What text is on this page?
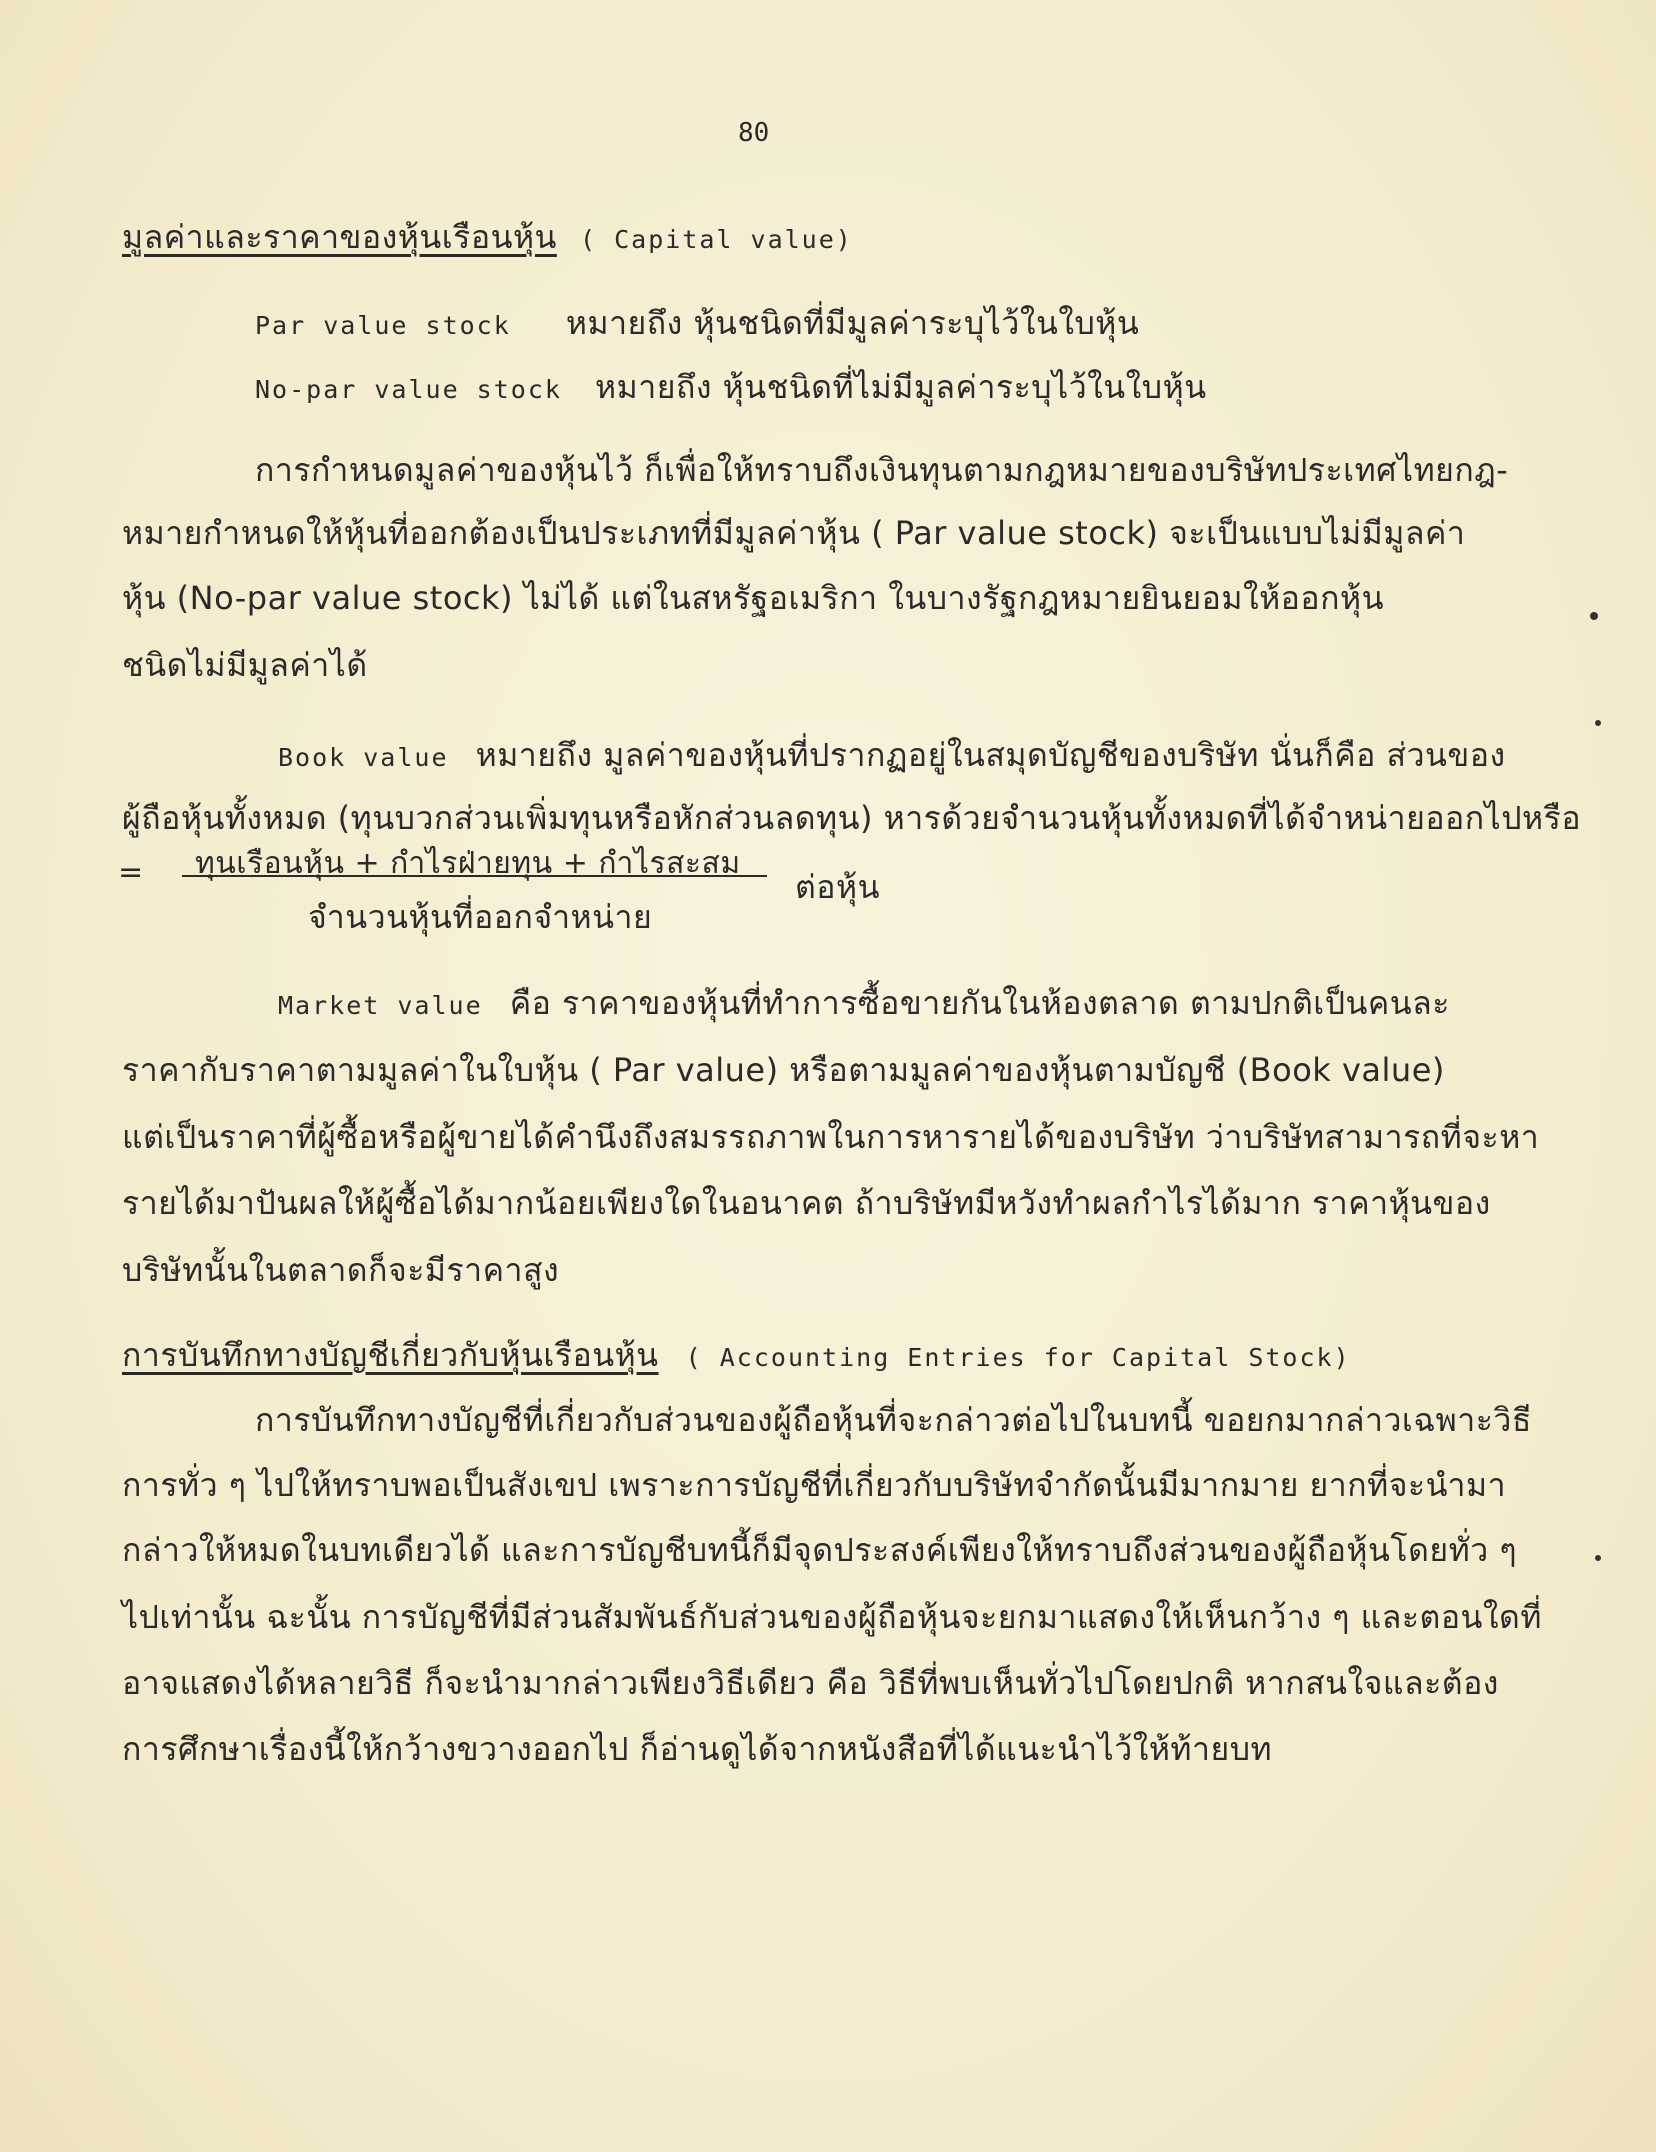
80
มูลค่าและราคาของหุ้นเรือนหุ้น ( Capital value)
Par value stock หมายถึง หุ้นชนิดที่มีมูลค่าระบุไว้ในใบหุ้น
No-par value stock หมายถึง หุ้นชนิดที่ไม่มีมูลค่าระบุไว้ในใบหุ้น
การกำหนดมูลค่าของหุ้นไว้ ก็เพื่อให้ทราบถึงเงินทุนตามกฎหมายของบริษัทประเทศไทยกฎ-
หมายกำหนดให้หุ้นที่ออกต้องเป็นประเภทที่มีมูลค่าหุ้น ( Par value stock) จะเป็นแบบไม่มีมูลค่า
หุ้น (No-par value stock) ไม่ได้ แต่ในสหรัฐอเมริกา ในบางรัฐกฎหมายยินยอมให้ออกหุ้น
ชนิดไม่มีมูลค่าได้
Book value หมายถึง มูลค่าของหุ้นที่ปรากฏอยู่ในสมุดบัญชีของบริษัท นั่นก็คือ ส่วนของ
ผู้ถือหุ้นทั้งหมด (ทุนบวกส่วนเพิ่มทุนหรือหักส่วนลดทุน) หารด้วยจำนวนหุ้นทั้งหมดที่ได้จำหน่ายออกไปหรือ
= ทุนเรือนหุ้น + กำไรฝ่ายทุน + กำไรสะสม
จำนวนหุ้นที่ออกจำหน่าย
ต่อหุ้น
Market value คือ ราคาของหุ้นที่ทำการซื้อขายกันในห้องตลาด ตามปกติเป็นคนละ
ราคากับราคาตามมูลค่าในใบหุ้น ( Par value) หรือตามมูลค่าของหุ้นตามบัญชี (Book value)
แต่เป็นราคาที่ผู้ซื้อหรือผู้ขายได้คำนึงถึงสมรรถภาพในการหารายได้ของบริษัท ว่าบริษัทสามารถที่จะหา
รายได้มาปันผลให้ผู้ซื้อได้มากน้อยเพียงใดในอนาคต ถ้าบริษัทมีหวังทำผลกำไรได้มาก ราคาหุ้นของ
บริษัทนั้นในตลาดก็จะมีราคาสูง
การบันทึกทางบัญชีเกี่ยวกับหุ้นเรือนหุ้น ( Accounting Entries for Capital Stock)
การบันทึกทางบัญชีที่เกี่ยวกับส่วนของผู้ถือหุ้นที่จะกล่าวต่อไปในบทนี้ ขอยกมากล่าวเฉพาะวิธี
การทั่ว ๆ ไปให้ทราบพอเป็นสังเขป เพราะการบัญชีที่เกี่ยวกับบริษัทจำกัดนั้นมีมากมาย ยากที่จะนำมา
กล่าวให้หมดในบทเดียวได้ และการบัญชีบทนี้ก็มีจุดประสงค์เพียงให้ทราบถึงส่วนของผู้ถือหุ้นโดยทั่ว ๆ
ไปเท่านั้น ฉะนั้น การบัญชีที่มีส่วนสัมพันธ์กับส่วนของผู้ถือหุ้นจะยกมาแสดงให้เห็นกว้าง ๆ และตอนใดที่
อาจแสดงได้หลายวิธี ก็จะนำมากล่าวเพียงวิธีเดียว คือ วิธีที่พบเห็นทั่วไปโดยปกติ หากสนใจและต้อง
การศึกษาเรื่องนี้ให้กว้างขวางออกไป ก็อ่านดูได้จากหนังสือที่ได้แนะนำไว้ให้ท้ายบท
